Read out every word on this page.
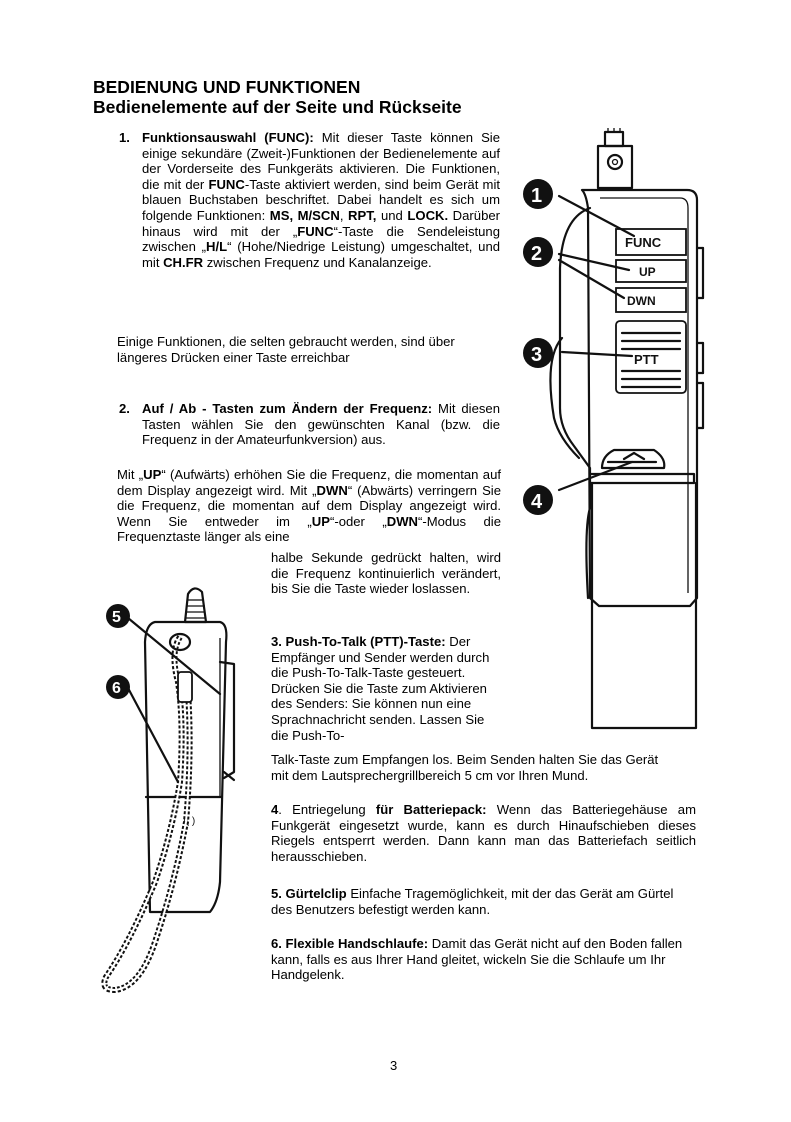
BEDIENUNG UND FUNKTIONEN
Bedienelemente auf der Seite und Rückseite
1. Funktionsauswahl (FUNC): Mit dieser Taste können Sie einige sekundäre (Zweit-)Funktionen der Bedienelemente auf der Vorderseite des Funkgeräts aktivieren. Die Funktionen, die mit der FUNC-Taste aktiviert werden, sind beim Gerät mit blauen Buchstaben beschriftet. Dabei handelt es sich um folgende Funktionen: MS, M/SCN, RPT, und LOCK. Darüber hinaus wird mit der „FUNC“-Taste die Sendeleistung zwischen „H/L“ (Hohe/Niedrige Leistung) umgeschaltet, und mit CH.FR zwischen Frequenz und Kanalanzeige.

Einige Funktionen, die selten gebraucht werden, sind über längeres Drücken einer Taste erreichbar

2. Auf / Ab - Tasten zum Ändern der Frequenz: Mit diesen Tasten wählen Sie den gewünschten Kanal (bzw. die Frequenz in der Amateurfunkversion) aus.

Mit „UP“ (Aufwärts) erhöhen Sie die Frequenz, die momentan auf dem Display angezeigt wird. Mit „DWN“ (Abwärts) verringern Sie die Frequenz, die momentan auf dem Display angezeigt wird. Wenn Sie entweder im „UP“-oder „DWN“-Modus die Frequenztaste länger als eine

halbe Sekunde gedrückt halten, wird die Frequenz kontinuierlich verändert, bis Sie die Taste wieder loslassen.

3. Push-To-Talk (PTT)-Taste: Der Empfänger und Sender werden durch die Push-To-Talk-Taste gesteuert. Drücken Sie die Taste zum Aktivieren des Senders: Sie können nun eine Sprachnachricht senden. Lassen Sie die Push-To-

Talk-Taste zum Empfangen los. Beim Senden halten Sie das Gerät mit dem Lautsprechergrillbereich 5 cm vor Ihren Mund.

4. Entriegelung für Batteriepack: Wenn das Batteriegehäuse am Funkgerät eingesetzt wurde, kann es durch Hinaufschieben dieses Riegels entsperrt werden. Dann kann man das Batteriefach seitlich herausschieben.

5. Gürtelclip Einfache Tragemöglichkeit, mit der das Gerät am Gürtel des Benutzers befestigt werden kann.

6. Flexible Handschlaufe: Damit das Gerät nicht auf den Boden fallen kann, falls es aus Ihrer Hand gleitet, wickeln Sie die Schlaufe um Ihr Handgelenk.

3
FUNC
UP
DWN
PTT
1
2
3
4
I( )
5
6
